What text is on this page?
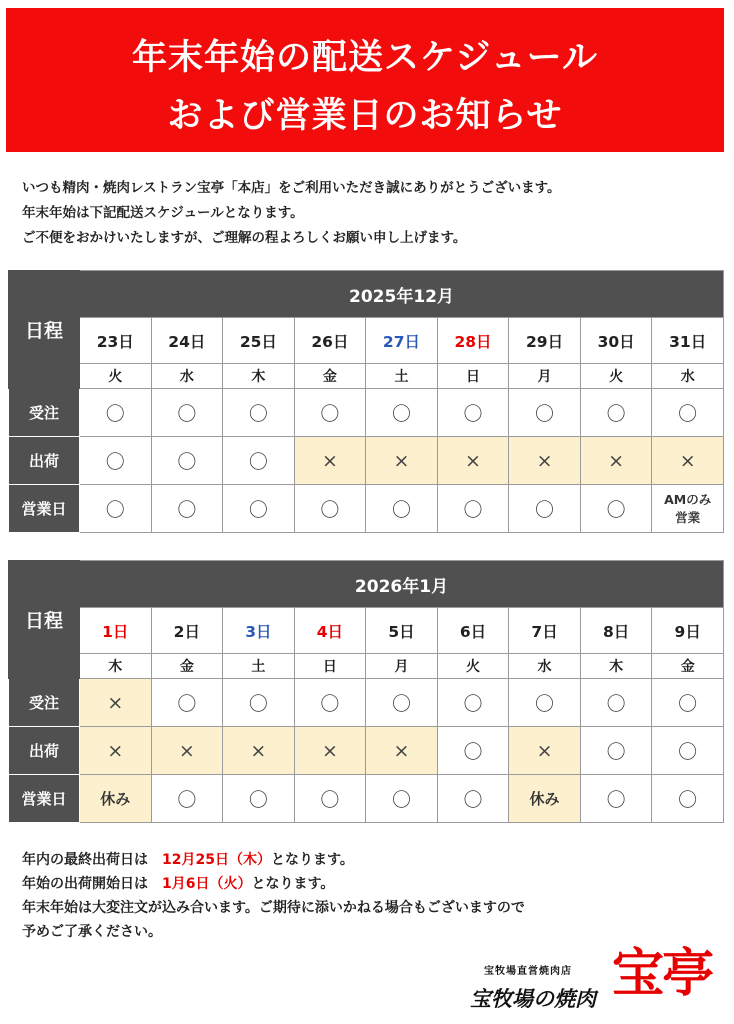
年末年始の配送スケジュール
および営業日のお知らせ
いつも精肉・焼肉レストラン宝亭「本店」をご利用いただき誠にありがとうございます。
年末年始は下記配送スケジュールとなります。
ご不便をおかけいたしますが、ご理解の程よろしくお願い申し上げます。
日程	2025年12月								
	23日	24日	25日	26日	27日	28日	29日	30日	31日
	火	水	木	金	土	日	月	火	水
受注	〇	〇	〇	〇	〇	〇	〇	〇	〇
出荷	〇	〇	〇	×	×	×	×	×	×
営業日	〇	〇	〇	〇	〇	〇	〇	〇	AMのみ
営業
日程	2026年1月								
	1日	2日	3日	4日	5日	6日	7日	8日	9日
	木	金	土	日	月	火	水	木	金
受注	×	〇	〇	〇	〇	〇	〇	〇	〇
出荷	×	×	×	×	×	〇	×	〇	〇
営業日	休み	〇	〇	〇	〇	〇	休み	〇	〇
年内の最終出荷日は　 12月25日（木）となります。
年始の出荷開始日は　 1月6日（火）となります。
年末年始は大変注文が込み合います。ご期待に添いかねる場合もございますので
予めご了承ください。
宝牧場直営焼肉店
宝牧場の焼肉 宝亭
